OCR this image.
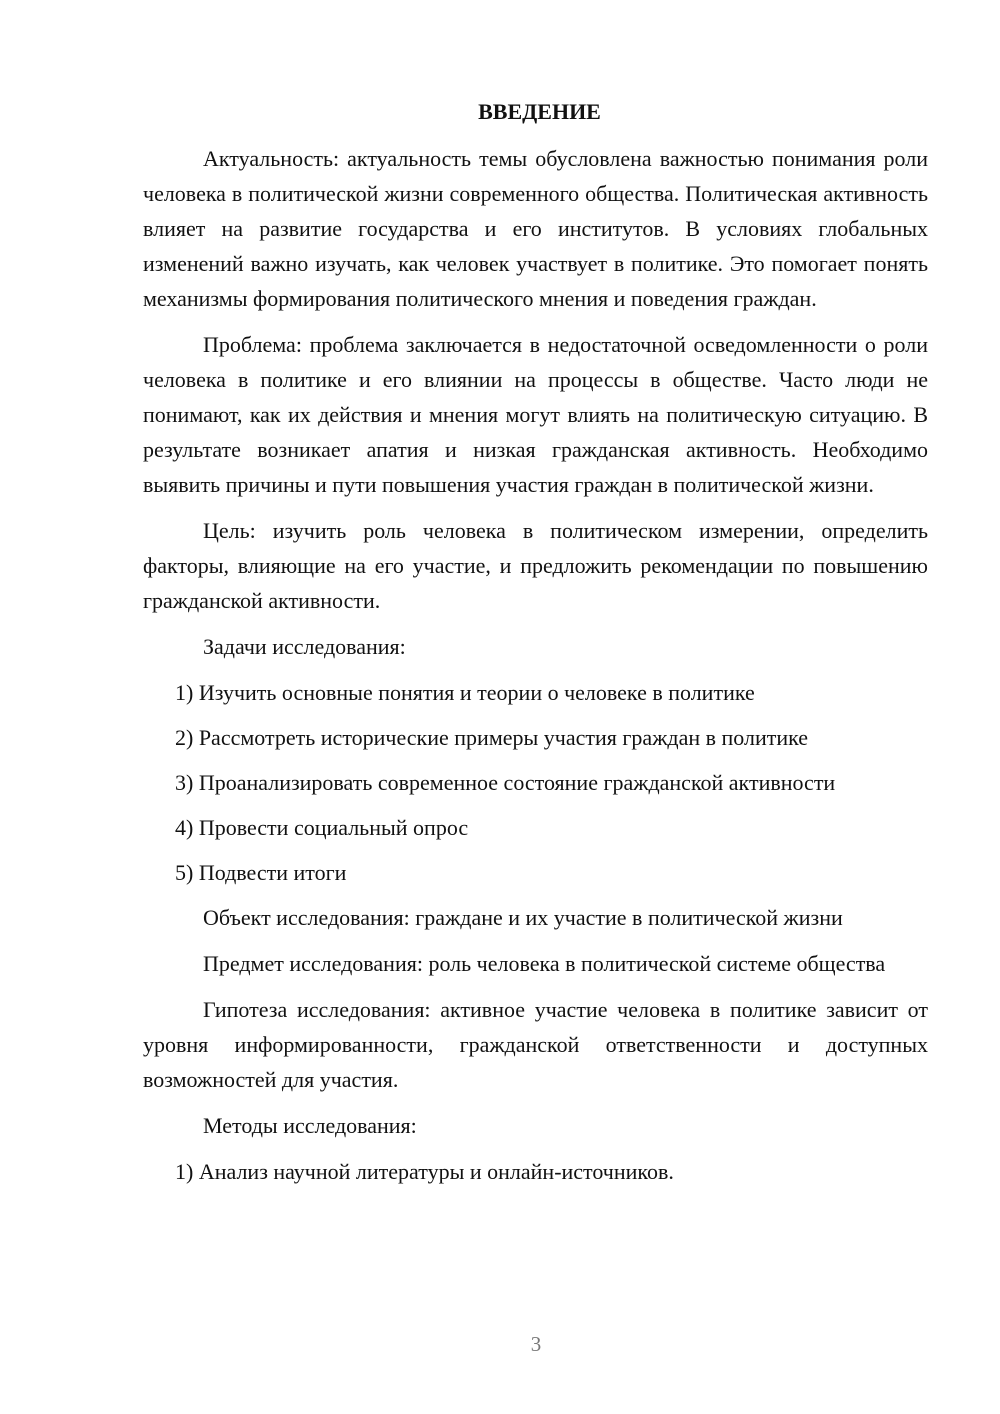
ВВЕДЕНИЕ

Актуальность: актуальность темы обусловлена важностью понимания роли человека в политической жизни современного общества. Политическая активность влияет на развитие государства и его институтов. В условиях глобальных изменений важно изучать, как человек участвует в политике. Это помогает понять механизмы формирования политического мнения и поведения граждан.

Проблема: проблема заключается в недостаточной осведомленности о роли человека в политике и его влиянии на процессы в обществе. Часто люди не понимают, как их действия и мнения могут влиять на политическую ситуацию. В результате возникает апатия и низкая гражданская активность. Необходимо выявить причины и пути повышения участия граждан в политической жизни.

Цель: изучить роль человека в политическом измерении, определить факторы, влияющие на его участие, и предложить рекомендации по повышению гражданской активности.

Задачи исследования:

1) Изучить основные понятия и теории о человеке в политике
2) Рассмотреть исторические примеры участия граждан в политике
3) Проанализировать современное состояние гражданской активности
4) Провести социальный опрос
5) Подвести итоги

Объект исследования: граждане и их участие в политической жизни

Предмет исследования: роль человека в политической системе общества

Гипотеза исследования: активное участие человека в политике зависит от уровня информированности, гражданской ответственности и доступных возможностей для участия.

Методы исследования:

1) Анализ научной литературы и онлайн-источников.
3
